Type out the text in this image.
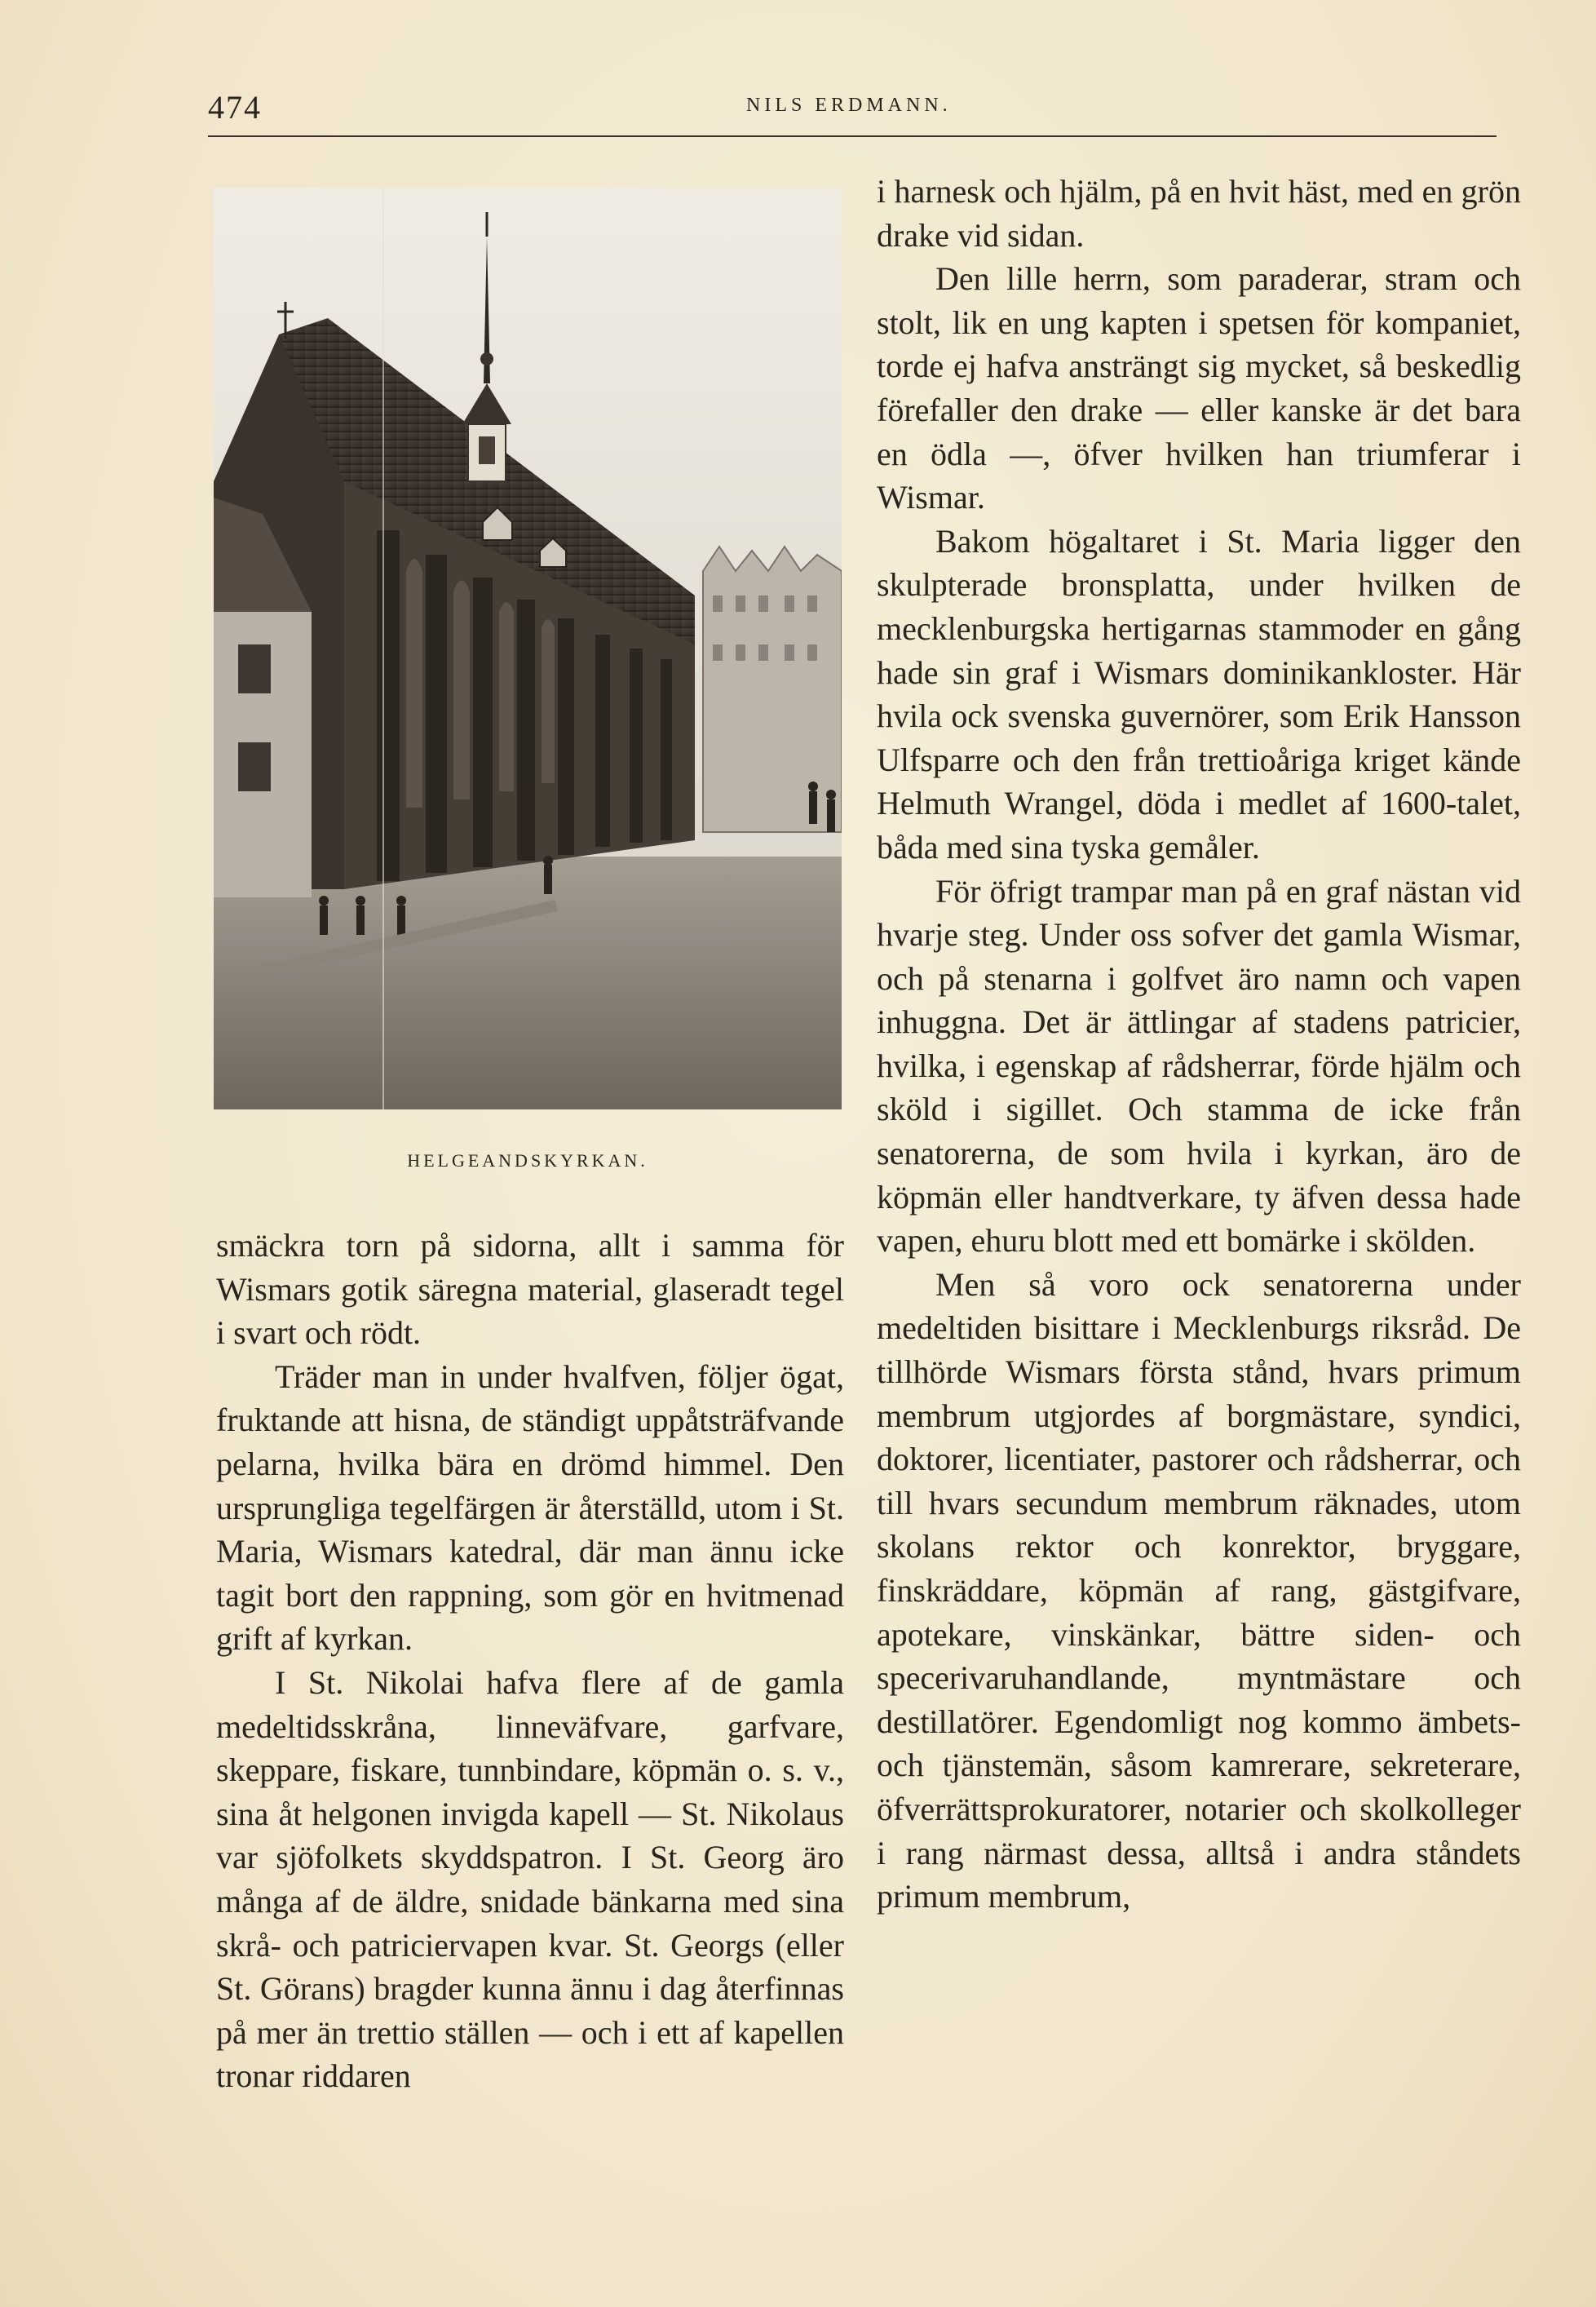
474	NILS ERDMANN.
HELGEANDSKYRKAN.

smäckra torn på sidorna, allt i samma för Wismars gotik säregna material, glaseradt tegel i svart och rödt.

Träder man in under hvalfven, följer ögat, fruktande att hisna, de ständigt uppåtsträfvande pelarna, hvilka bära en drömd himmel. Den ursprungliga tegelfärgen är återställd, utom i St. Maria, Wismars katedral, där man ännu icke tagit bort den rappning, som gör en hvitmenad grift af kyrkan.

I St. Nikolai hafva flere af de gamla medeltidsskråna, linneväfvare, garfvare, skeppare, fiskare, tunnbindare, köpmän o. s. v., sina åt helgonen invigda kapell — St. Nikolaus var sjöfolkets skyddspatron. I St. Georg äro många af de äldre, snidade bänkarna med sina skrå- och patriciervapen kvar. St. Georgs (eller St. Görans) bragder kunna ännu i dag återfinnas på mer än trettio ställen — och i ett af kapellen tronar riddaren

i harnesk och hjälm, på en hvit häst, med en grön drake vid sidan.

Den lille herrn, som paraderar, stram och stolt, lik en ung kapten i spetsen för kompaniet, torde ej hafva ansträngt sig mycket, så beskedlig förefaller den drake — eller kanske är det bara en ödla —, öfver hvilken han triumferar i Wismar.

Bakom högaltaret i St. Maria ligger den skulpterade bronsplatta, under hvilken de mecklenburgska hertigarnas stammoder en gång hade sin graf i Wismars dominikankloster. Här hvila ock svenska guvernörer, som Erik Hansson Ulfsparre och den från trettioåriga kriget kände Helmuth Wrangel, döda i medlet af 1600-talet, båda med sina tyska gemåler.

För öfrigt trampar man på en graf nästan vid hvarje steg. Under oss sofver det gamla Wismar, och på stenarna i golfvet äro namn och vapen inhuggna. Det är ättlingar af stadens patricier, hvilka, i egenskap af rådsherrar, förde hjälm och sköld i sigillet. Och stamma de icke från senatorerna, de som hvila i kyrkan, äro de köpmän eller handtverkare, ty äfven dessa hade vapen, ehuru blott med ett bomärke i skölden.

Men så voro ock senatorerna under medeltiden bisittare i Mecklenburgs riksråd. De tillhörde Wismars första stånd, hvars primum membrum utgjordes af borgmästare, syndici, doktorer, licentiater, pastorer och rådsherrar, och till hvars secundum membrum räknades, utom skolans rektor och konrektor, bryggare, finskräddare, köpmän af rang, gästgifvare, apotekare, vinskänkar, bättre siden- och specerivaruhandlande, myntmästare och destillatörer. Egendomligt nog kommo ämbets- och tjänstemän, såsom kamrerare, sekreterare, öfverrättsprokuratorer, notarier och skolkolleger i rang närmast dessa, alltså i andra ståndets primum membrum,
